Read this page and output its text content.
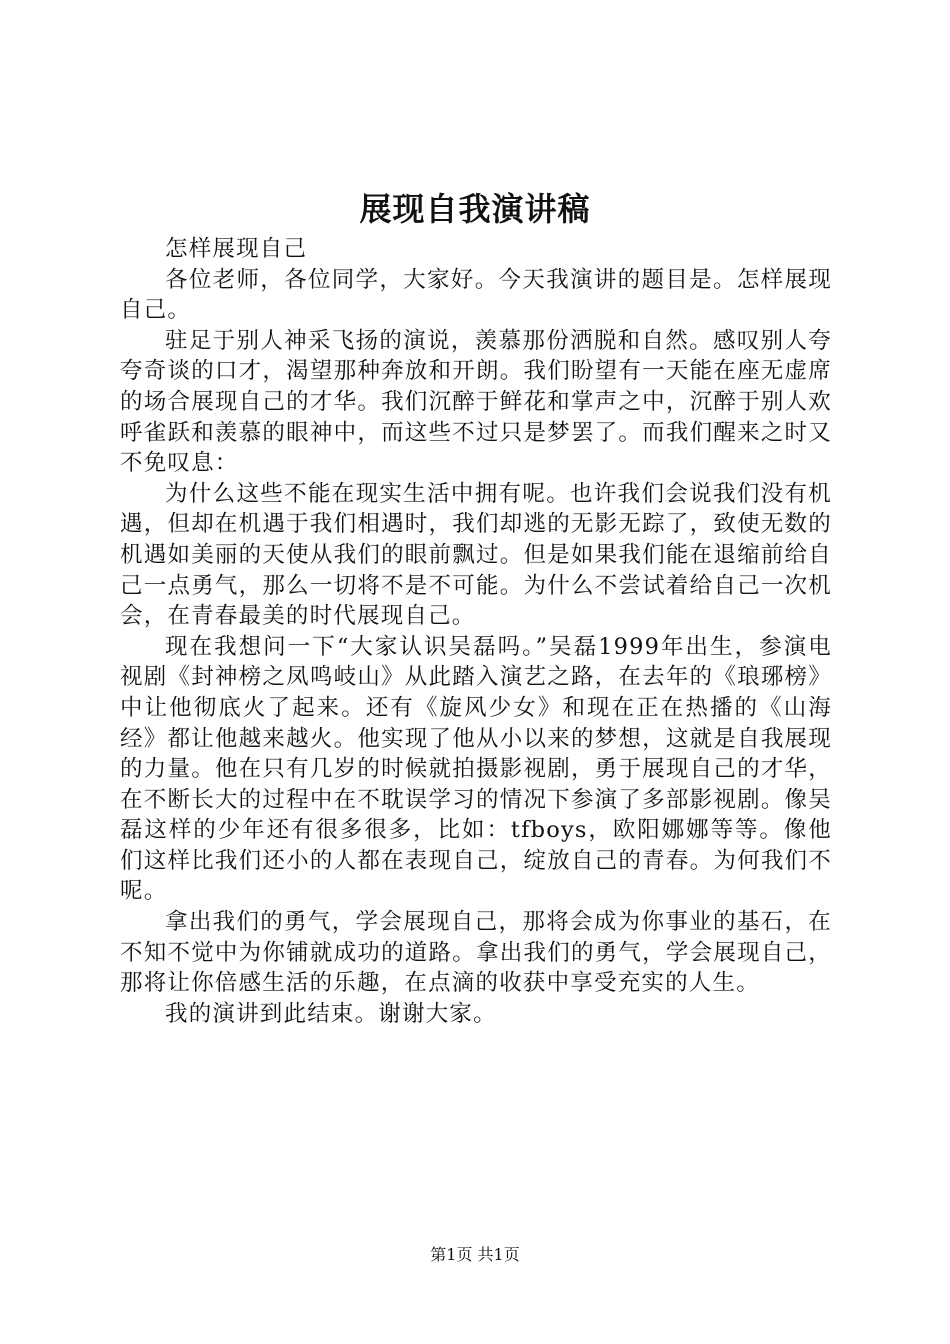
展现自我演讲稿

怎样展现自己

各位老师，各位同学，大家好。今天我演讲的题目是。怎样展现自己。

驻足于别人神采飞扬的演说，羡慕那份洒脱和自然。感叹别人夸夸奇谈的口才，渴望那种奔放和开朗。我们盼望有一天能在座无虚席的场合展现自己的才华。我们沉醉于鲜花和掌声之中，沉醉于别人欢呼雀跃和羡慕的眼神中，而这些不过只是梦罢了。而我们醒来之时又不免叹息：

为什么这些不能在现实生活中拥有呢。也许我们会说我们没有机遇，但却在机遇于我们相遇时，我们却逃的无影无踪了，致使无数的机遇如美丽的天使从我们的眼前飘过。但是如果我们能在退缩前给自己一点勇气，那么一切将不是不可能。为什么不尝试着给自己一次机会，在青春最美的时代展现自己。

现在我想问一下“大家认识吴磊吗。”吴磊1999年出生，参演电视剧《封神榜之凤鸣岐山》从此踏入演艺之路，在去年的《琅琊榜》中让他彻底火了起来。还有《旋风少女》和现在正在热播的《山海经》都让他越来越火。他实现了他从小以来的梦想，这就是自我展现的力量。他在只有几岁的时候就拍摄影视剧，勇于展现自己的才华，在不断长大的过程中在不耽误学习的情况下参演了多部影视剧。像吴磊这样的少年还有很多很多，比如：tfboys，欧阳娜娜等等。像他们这样比我们还小的人都在表现自己，绽放自己的青春。为何我们不呢。

拿出我们的勇气，学会展现自己，那将会成为你事业的基石，在不知不觉中为你铺就成功的道路。拿出我们的勇气，学会展现自己，那将让你倍感生活的乐趣，在点滴的收获中享受充实的人生。

我的演讲到此结束。谢谢大家。

第1页 共1页
